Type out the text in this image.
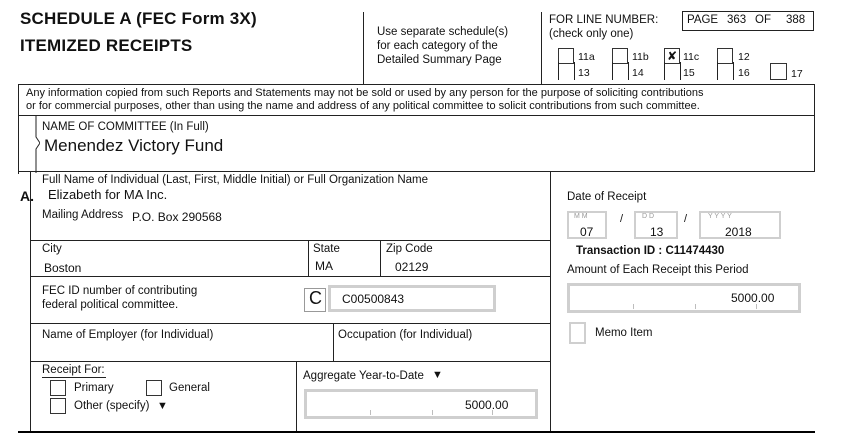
SCHEDULE A (FEC Form 3X)
ITEMIZED RECEIPTS
Use separate schedule(s)
for each category of the
Detailed Summary Page
FOR LINE NUMBER:
(check only one)
PAGE 363 OF 388
11a	11b ✘ 11c	12
13	14	15	16	17
Any information copied from such Reports and Statements may not be sold or used by any person for the purpose of soliciting contributions
or for commercial purposes, other than using the name and address of any political committee to solicit contributions from such committee.
NAME OF COMMITTEE (In Full)
Menendez Victory Fund
A.
Full Name of Individual (Last, First, Middle Initial) or Full Organization Name
Elizabeth for MA Inc.
Mailing Address P.O. Box 290568
City
Boston
State
MA
Zip Code
02129
FEC ID number of contributing
federal political committee.	C C00500843
Name of Employer (for Individual)	Occupation (for Individual)
Receipt For:
Primary	General
Other (specify) ▼
Aggregate Year-to-Date ▼
5000.00
Date of Receipt
M M
07
/	D D
13
/	Y Y Y Y
2018
Transaction ID : C11474430
Amount of Each Receipt this Period
5000.00
Memo Item
